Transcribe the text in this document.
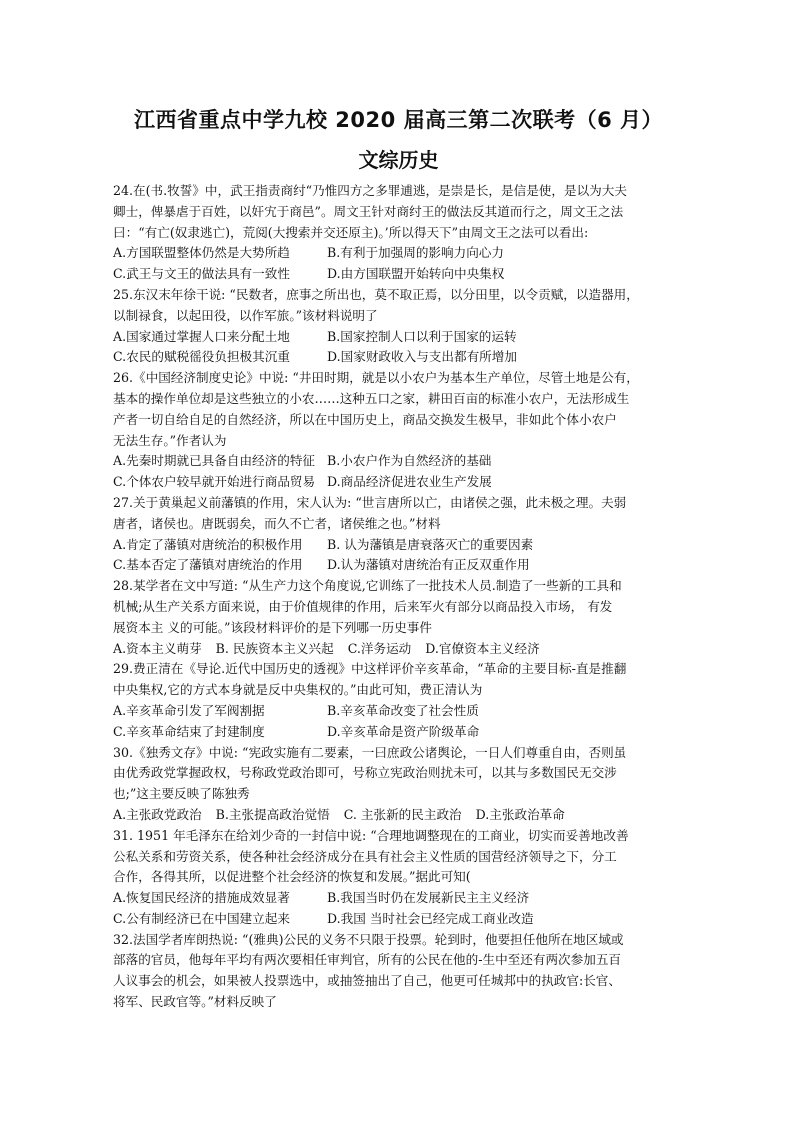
江西省重点中学九校 2020 届高三第二次联考（6 月）
文综历史
24.在(书.牧誓》中，武王指责商纣“乃惟四方之多罪逋逃，是崇是长，是信是使，是以为大夫
卿士，俾暴虐于百姓，以奸宄于商邑”。周文王针对商纣王的做法反其道而行之，周文王之法
曰：“有亡(奴隶逃亡)，荒阅(大搜索并交还原主)。’所以得天下”由周文王之法可以看出:
A.方国联盟整体仍然是大势所趋	B.有利于加强周的影响力向心力
C.武王与文王的做法具有一致性	D.由方国联盟开始转向中央集权
25.东汉末年徐干说: “民数者，庶事之所出也，莫不取正焉，以分田里，以令贡赋，以造器用，
以制禄食，以起田役，以作军旅。”该材料说明了
A.国家通过掌握人口来分配土地	B.国家控制人口以利于国家的运转
C.农民的赋税徭役负担极其沉重	D.国家财政收入与支出都有所增加
26.《中国经济制度史论》中说: “井田时期，就是以小农户为基本生产单位，尽管土地是公有，
基本的操作单位却是这些独立的小农……这种五口之家，耕田百亩的标准小农户，无法形成生
产者一切自给自足的自然经济，所以在中国历史上，商品交换发生极早，非如此个体小农户
无法生存。”作者认为
A.先秦时期就已具备自由经济的特征 B.小农户作为自然经济的基础
C.个体农户较早就开始进行商品贸易 D.商品经济促进农业生产发展
27.关于黄巢起义前藩镇的作用，宋人认为: “世言唐所以亡，由诸侯之强，此未极之理。夫弱
唐者，诸侯也。唐既弱矣，而久不亡者，诸侯维之也。”材料
A.肯定了藩镇对唐统治的积极作用	B. 认为藩镇是唐衰落灭亡的重要因素
C.基本否定了藩镇对唐统治的作用	D.认为藩镇对唐统治有正反双重作用
28.某学者在文中写道: “从生产力这个角度说,它训练了一批技术人员.制造了一些新的工具和
机械;从生产关系方面来说，由于价值规律的作用，后来军火有部分以商品投入市场， 有发
展资本主 义的可能。”该段材料评价的是下列哪一历史事件
A.资本主义萌芽 B. 民族资本主义兴起 C.洋务运动 D.官僚资本主义经济
29.费正清在《导论.近代中国历史的透视》中这样评价辛亥革命，“革命的主要目标-直是推翻
中央集权,它的方式本身就是反中央集权的。”由此可知，费正清认为
A.辛亥革命引发了军阀割据	B.辛亥革命改变了社会性质
C.辛亥革命结束了封建制度	D.辛亥革命是资产阶级革命
30.《独秀文存》中说: “宪政实施有二要素，一曰庶政公诸舆论，一日人们尊重自由，否则虽
由优秀政党掌握政权，号称政党政治即可，号称立宪政治则扰未可，以其与多数国民无交涉
也;”这主要反映了陈独秀
A.主张政党政治 B.主张提高政治觉悟 C. 主张新的民主政治 D.主张政治革命
31. 1951 年毛泽东在给刘少奇的一封信中说: “合理地调整现在的工商业，切实而妥善地改善
公私关系和劳资关系，使各种社会经济成分在具有社会主义性质的国营经济领导之下，分工
合作，各得其所，以促进整个社会经济的恢复和发展。”据此可知(
A.恢复国民经济的措施成效显著	B.我国当时仍在发展新民主主义经济
C.公有制经济已在中国建立起来	D.我国 当时社会已经完成工商业改造
32.法国学者库朗热说: “(雅典)公民的义务不只限于投票。轮到时，他要担任他所在地区域或
部落的官员，他每年平均有两次要相任审判官，所有的公民在他的-生中至还有两次参加五百
人议事会的机会，如果被人投票选中，或抽签抽出了自己，他更可任城邦中的执政官:长官、
将军、民政官等。”材料反映了
